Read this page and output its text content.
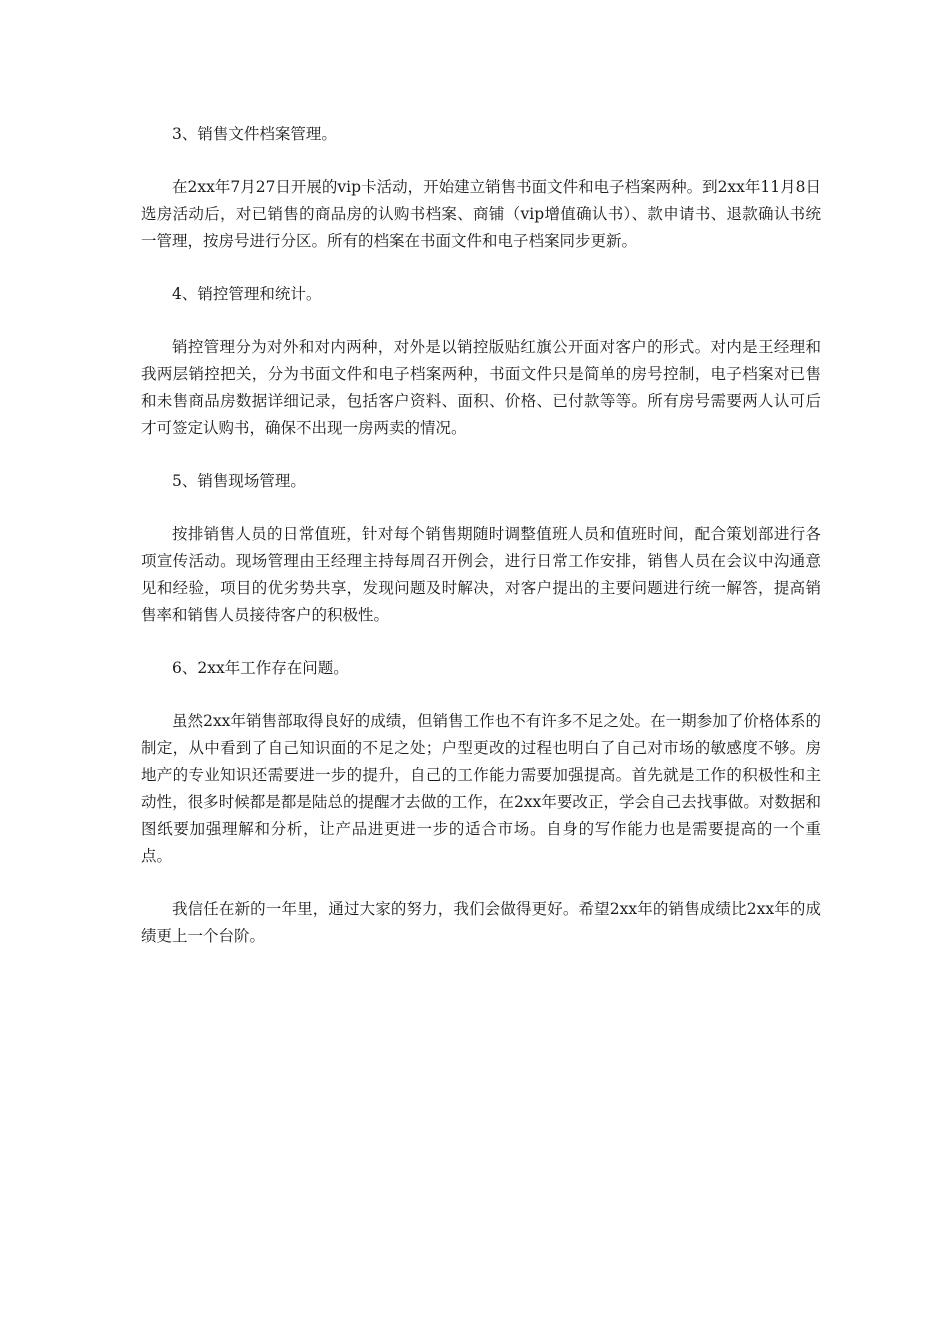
3、销售文件档案管理。

在2xx年7月27日开展的vip卡活动，开始建立销售书面文件和电子档案两种。到2xx年11月8日选房活动后，对已销售的商品房的认购书档案、商铺（vip增值确认书）、款申请书、退款确认书统一管理，按房号进行分区。所有的档案在书面文件和电子档案同步更新。

4、销控管理和统计。

销控管理分为对外和对内两种，对外是以销控版贴红旗公开面对客户的形式。对内是王经理和我两层销控把关，分为书面文件和电子档案两种，书面文件只是简单的房号控制，电子档案对已售和未售商品房数据详细记录，包括客户资料、面积、价格、已付款等等。所有房号需要两人认可后才可签定认购书，确保不出现一房两卖的情况。

5、销售现场管理。

按排销售人员的日常值班，针对每个销售期随时调整值班人员和值班时间，配合策划部进行各项宣传活动。现场管理由王经理主持每周召开例会，进行日常工作安排，销售人员在会议中沟通意见和经验，项目的优劣势共享，发现问题及时解决，对客户提出的主要问题进行统一解答，提高销售率和销售人员接待客户的积极性。

6、2xx年工作存在问题。

虽然2xx年销售部取得良好的成绩，但销售工作也不有许多不足之处。在一期参加了价格体系的制定，从中看到了自己知识面的不足之处；户型更改的过程也明白了自己对市场的敏感度不够。房地产的专业知识还需要进一步的提升，自己的工作能力需要加强提高。首先就是工作的积极性和主动性，很多时候都是都是陆总的提醒才去做的工作，在2xx年要改正，学会自己去找事做。对数据和图纸要加强理解和分析，让产品进更进一步的适合市场。自身的写作能力也是需要提高的一个重点。

我信任在新的一年里，通过大家的努力，我们会做得更好。希望2xx年的销售成绩比2xx年的成绩更上一个台阶。
